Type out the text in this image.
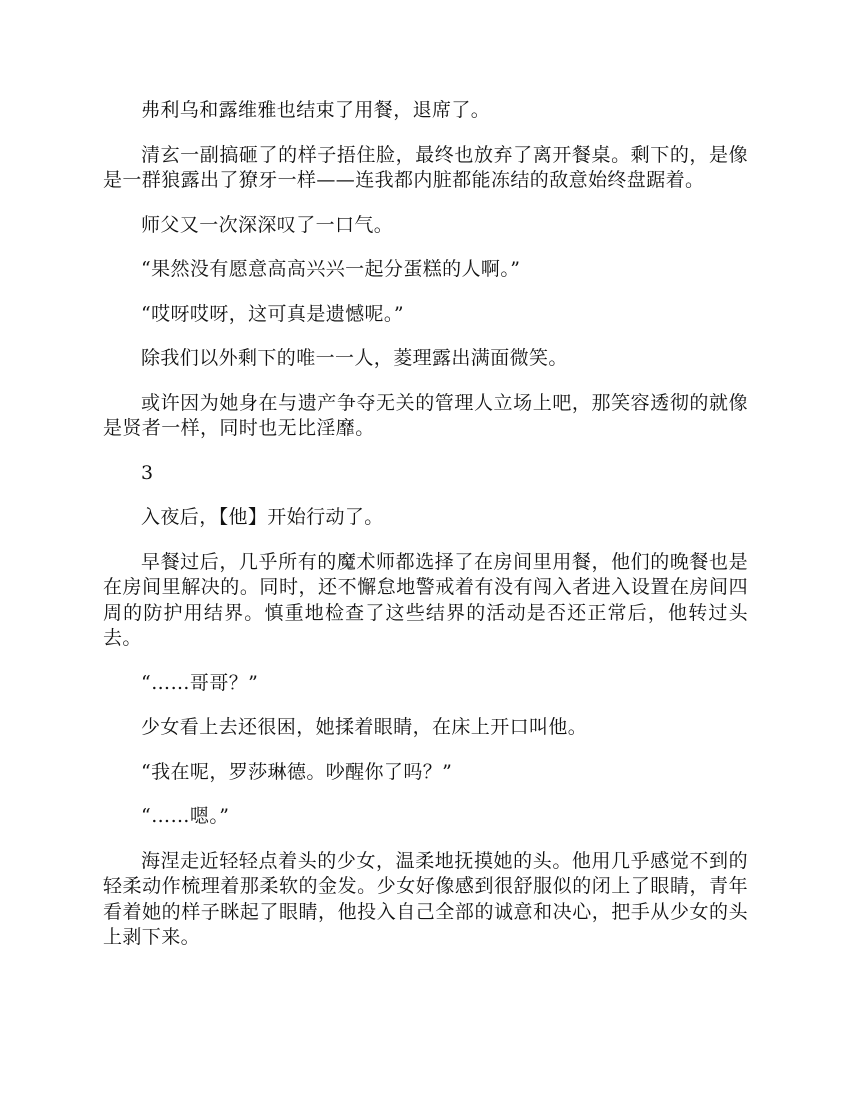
弗利乌和露维雅也结束了用餐，退席了。

清玄一副搞砸了的样子捂住脸，最终也放弃了离开餐桌。剩下的，是像是一群狼露出了獠牙一样——连我都内脏都能冻结的敌意始终盘踞着。

师父又一次深深叹了一口气。

“果然没有愿意高高兴兴一起分蛋糕的人啊。”

“哎呀哎呀，这可真是遗憾呢。”

除我们以外剩下的唯一一人，菱理露出满面微笑。

或许因为她身在与遗产争夺无关的管理人立场上吧，那笑容透彻的就像是贤者一样，同时也无比淫靡。

3

入夜后，【他】开始行动了。

早餐过后，几乎所有的魔术师都选择了在房间里用餐，他们的晚餐也是在房间里解决的。同时，还不懈怠地警戒着有没有闯入者进入设置在房间四周的防护用结界。慎重地检查了这些结界的活动是否还正常后，他转过头去。

“……哥哥？”

少女看上去还很困，她揉着眼睛，在床上开口叫他。

“我在呢，罗莎琳德。吵醒你了吗？”

“……嗯。”

海涅走近轻轻点着头的少女，温柔地抚摸她的头。他用几乎感觉不到的轻柔动作梳理着那柔软的金发。少女好像感到很舒服似的闭上了眼睛，青年看着她的样子眯起了眼睛，他投入自己全部的诚意和决心，把手从少女的头上剥下来。
